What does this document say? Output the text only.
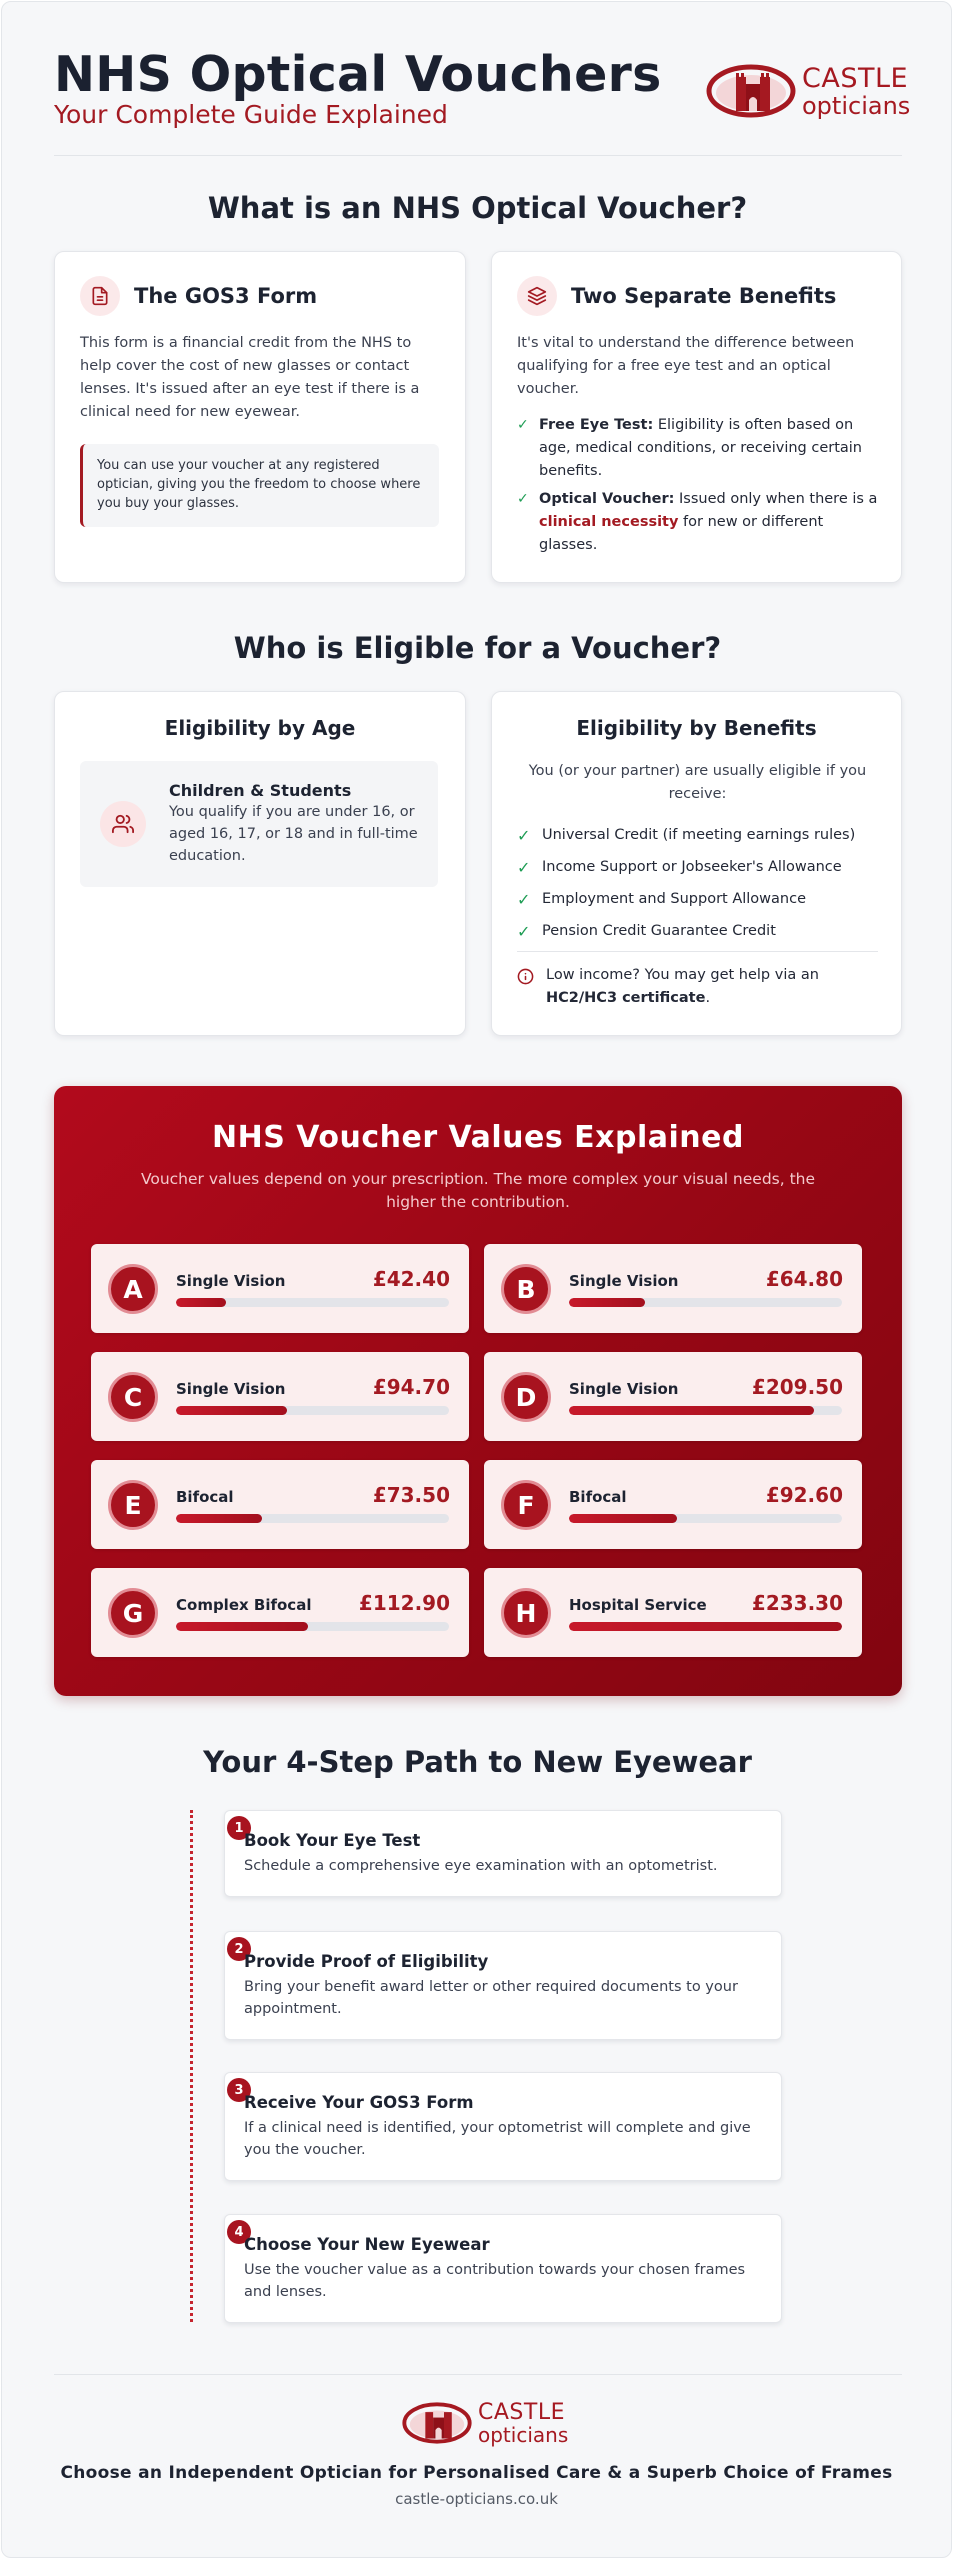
NHS Optical Vouchers
Your Complete Guide Explained
CASTLE
opticians
What is an NHS Optical Voucher?
The GOS3 Form
This form is a financial credit from the NHS to help cover the cost of new glasses or contact lenses. It's issued after an eye test if there is a clinical need for new eyewear.
You can use your voucher at any registered optician, giving you the freedom to choose where you buy your glasses.
Two Separate Benefits
It's vital to understand the difference between qualifying for a free eye test and an optical voucher.
✓ Free Eye Test: Eligibility is often based on age, medical conditions, or receiving certain benefits.
✓ Optical Voucher: Issued only when there is a clinical necessity for new or different glasses.
Who is Eligible for a Voucher?
Eligibility by Age
Children & Students
You qualify if you are under 16, or aged 16, 17, or 18 and in full-time education.
Eligibility by Benefits
You (or your partner) are usually eligible if you receive:
✓ Universal Credit (if meeting earnings rules)
✓ Income Support or Jobseeker's Allowance
✓ Employment and Support Allowance
✓ Pension Credit Guarantee Credit
Low income? You may get help via an HC2/HC3 certificate.
NHS Voucher Values Explained
Voucher values depend on your prescription. The more complex your visual needs, the higher the contribution.
A	Single Vision	£42.40	B	Single Vision	£64.80
C	Single Vision	£94.70	D	Single Vision	£209.50
E	Bifocal	£73.50	F	Bifocal	£92.60
G	Complex Bifocal £112.90	H	Hospital Service £233.30
Your 4-Step Path to New Eyewear
1
Book Your Eye Test
Schedule a comprehensive eye examination with an optometrist.
2
Provide Proof of Eligibility
Bring your benefit award letter or other required documents to your appointment.
3
Receive Your GOS3 Form
If a clinical need is identified, your optometrist will complete and give you the voucher.
4
Choose Your New Eyewear
Use the voucher value as a contribution towards your chosen frames and lenses.
CASTLE
opticians
Choose an Independent Optician for Personalised Care & a Superb Choice of Frames
castle-opticians.co.uk
